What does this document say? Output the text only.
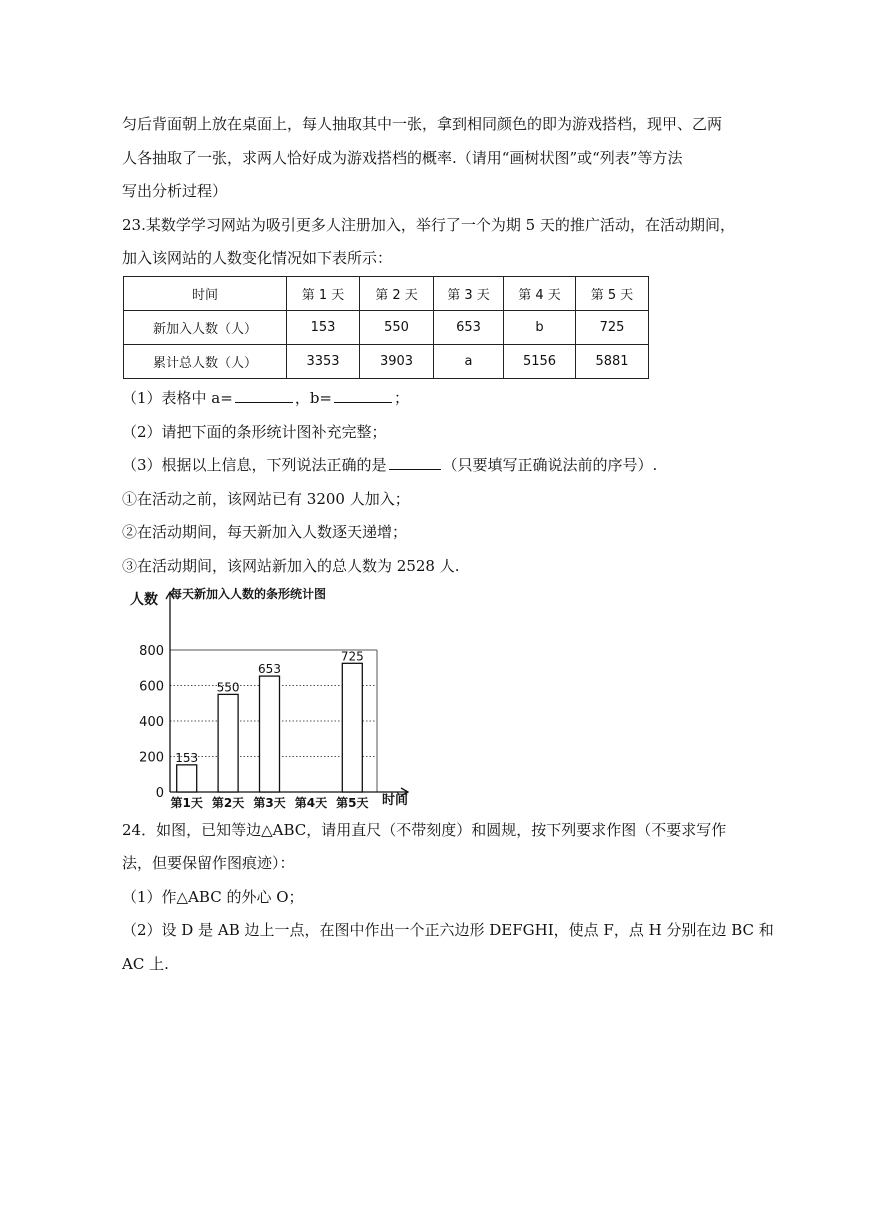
匀后背面朝上放在桌面上，每人抽取其中一张，拿到相同颜色的即为游戏搭档，现甲、乙两
人各抽取了一张，求两人恰好成为游戏搭档的概率.（请用“画树状图”或“列表”等方法
写出分析过程）
23.某数学学习网站为吸引更多人注册加入，举行了一个为期 5 天的推广活动，在活动期间，
加入该网站的人数变化情况如下表所示：
时间	第 1 天	第 2 天	第 3 天	第 4 天	第 5 天
新加入人数（人）	153	550	653	b	725
累计总人数（人）	3353	3903	a	5156	5881
（1）表格中 a=	，b=	；
（2）请把下面的条形统计图补充完整；
（3）根据以上信息，下列说法正确的是	（只要填写正确说法前的序号）.
①在活动之前，该网站已有 3200 人加入；
②在活动期间，每天新加入人数逐天递增；
③在活动期间，该网站新加入的总人数为 2528 人.
0
200
400
600
800
153
第1天
550
第2天
653
第3天 第4天
725
第5天
每天新加入人数的条形统计图
人数
时间
24．如图，已知等边△ABC，请用直尺（不带刻度）和圆规，按下列要求作图（不要求写作
法，但要保留作图痕迹）：
（1）作△ABC 的外心 O；
（2）设 D 是 AB 边上一点，在图中作出一个正六边形 DEFGHI，使点 F，点 H 分别在边 BC 和
AC 上.
